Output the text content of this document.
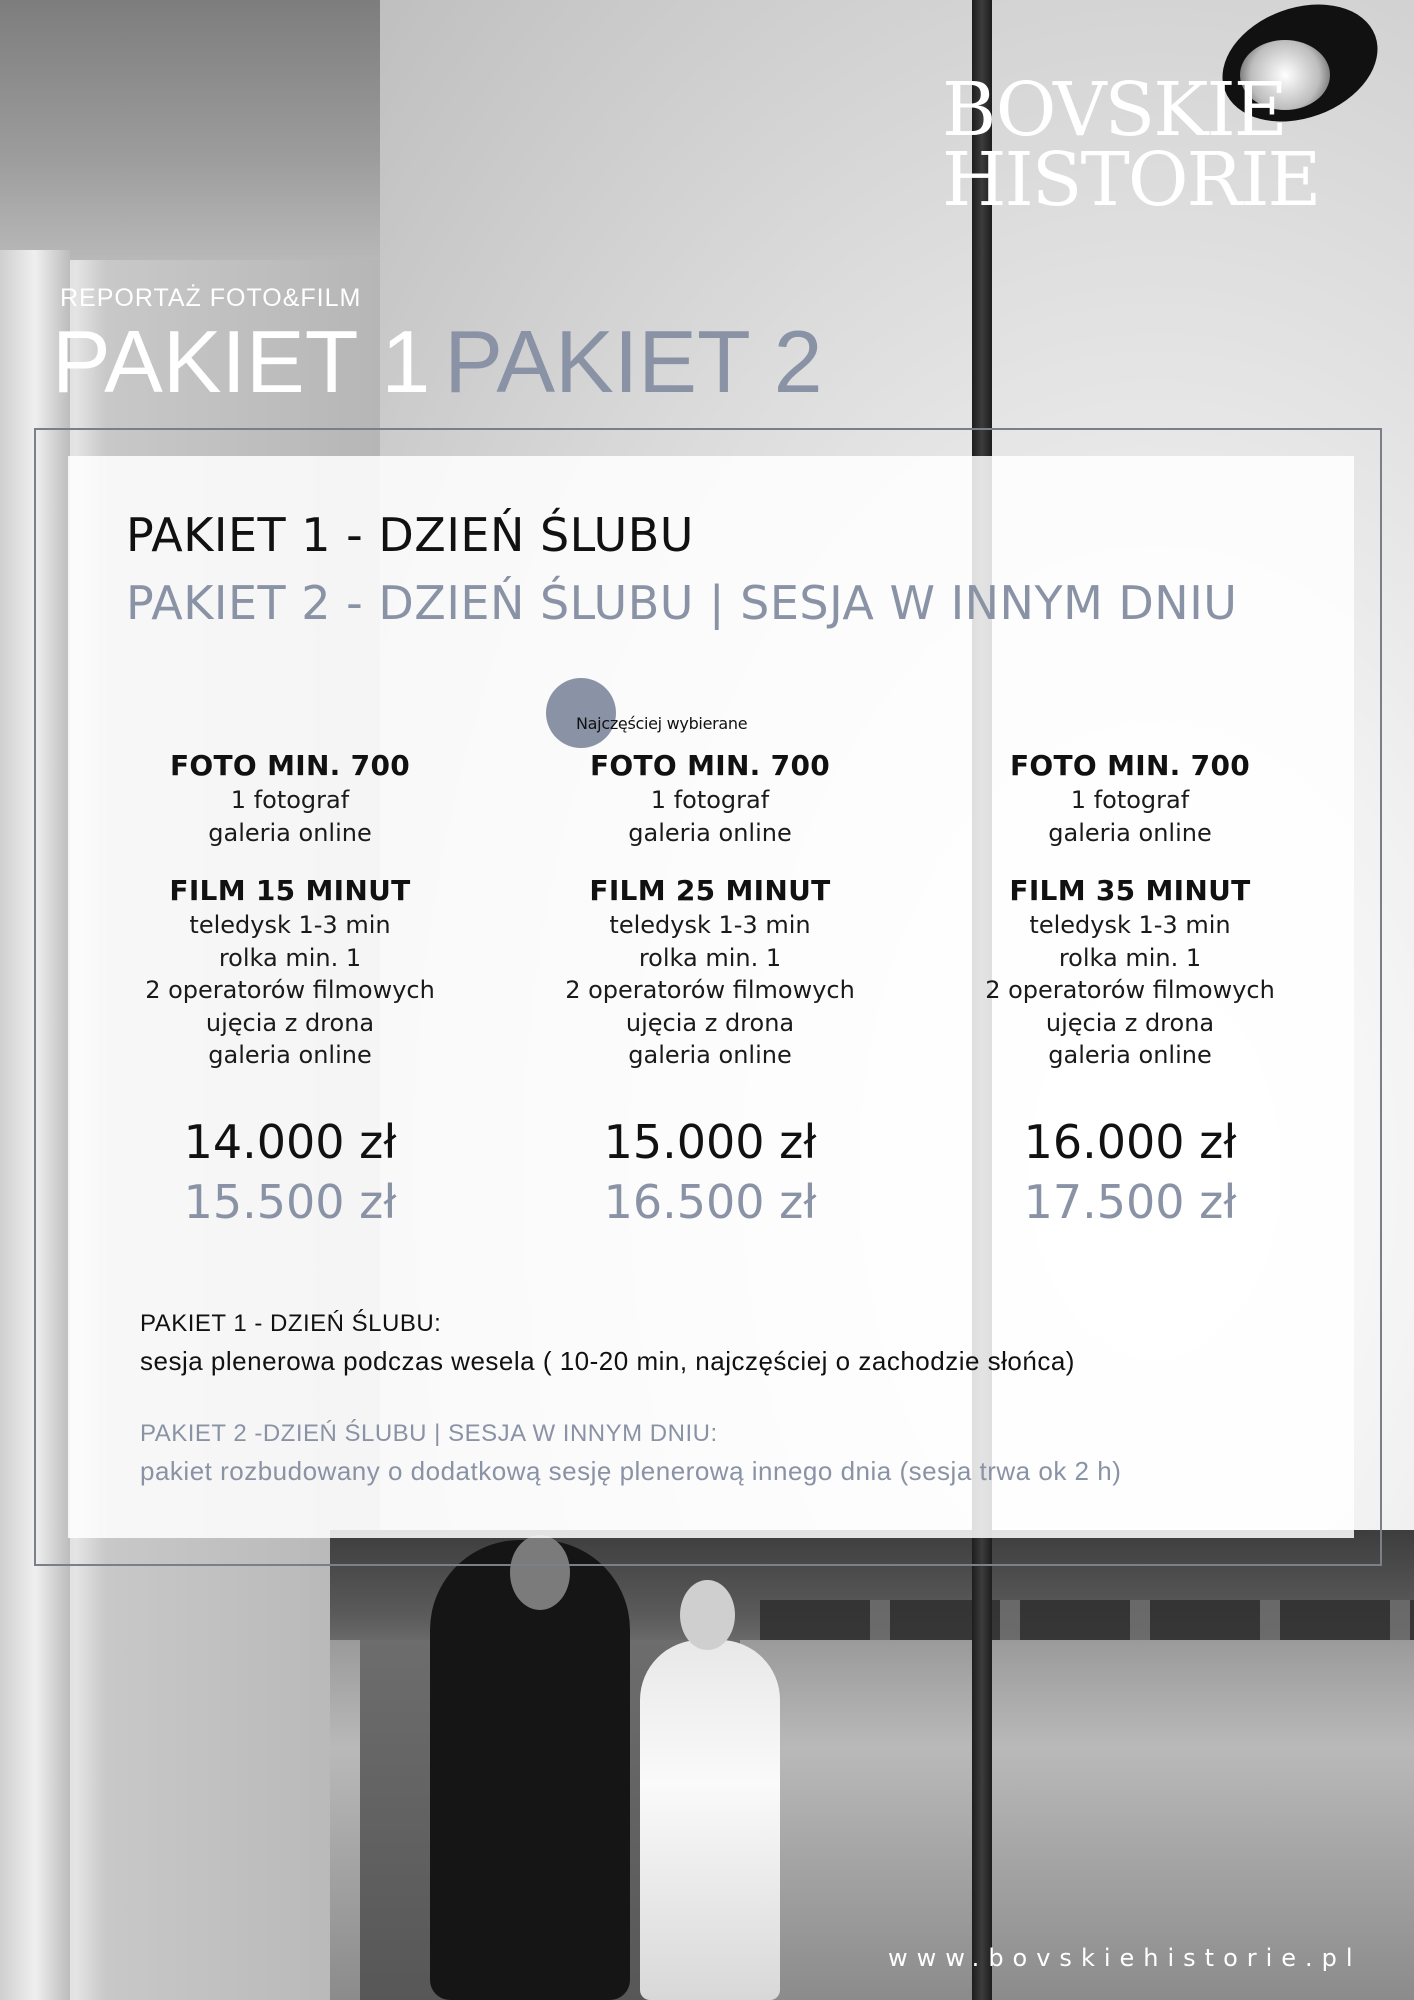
BOVSKIE
HISTORIE
REPORTAŻ FOTO&FILM
PAKIET 1 PAKIET 2
PAKIET 1 - DZIEŃ ŚLUBU
PAKIET 2 - DZIEŃ ŚLUBU | SESJA W INNYM DNIU
Najczęściej wybierane
FOTO MIN. 700
1 fotograf
galeria online
FILM 15 MINUT
teledysk 1-3 min
rolka min. 1
2 operatorów filmowych
ujęcia z drona
galeria online
14.000 zł
15.500 zł
FOTO MIN. 700
1 fotograf
galeria online
FILM 25 MINUT
teledysk 1-3 min
rolka min. 1
2 operatorów filmowych
ujęcia z drona
galeria online
15.000 zł
16.500 zł
FOTO MIN. 700
1 fotograf
galeria online
FILM 35 MINUT
teledysk 1-3 min
rolka min. 1
2 operatorów filmowych
ujęcia z drona
galeria online
16.000 zł
17.500 zł
PAKIET 1 - DZIEŃ ŚLUBU:
sesja plenerowa podczas wesela ( 10-20 min, najczęściej o zachodzie słońca)
PAKIET 2 -DZIEŃ ŚLUBU | SESJA W INNYM DNIU:
pakiet rozbudowany o dodatkową sesję plenerową innego dnia (sesja trwa ok 2 h)
www.bovskiehistorie.pl
